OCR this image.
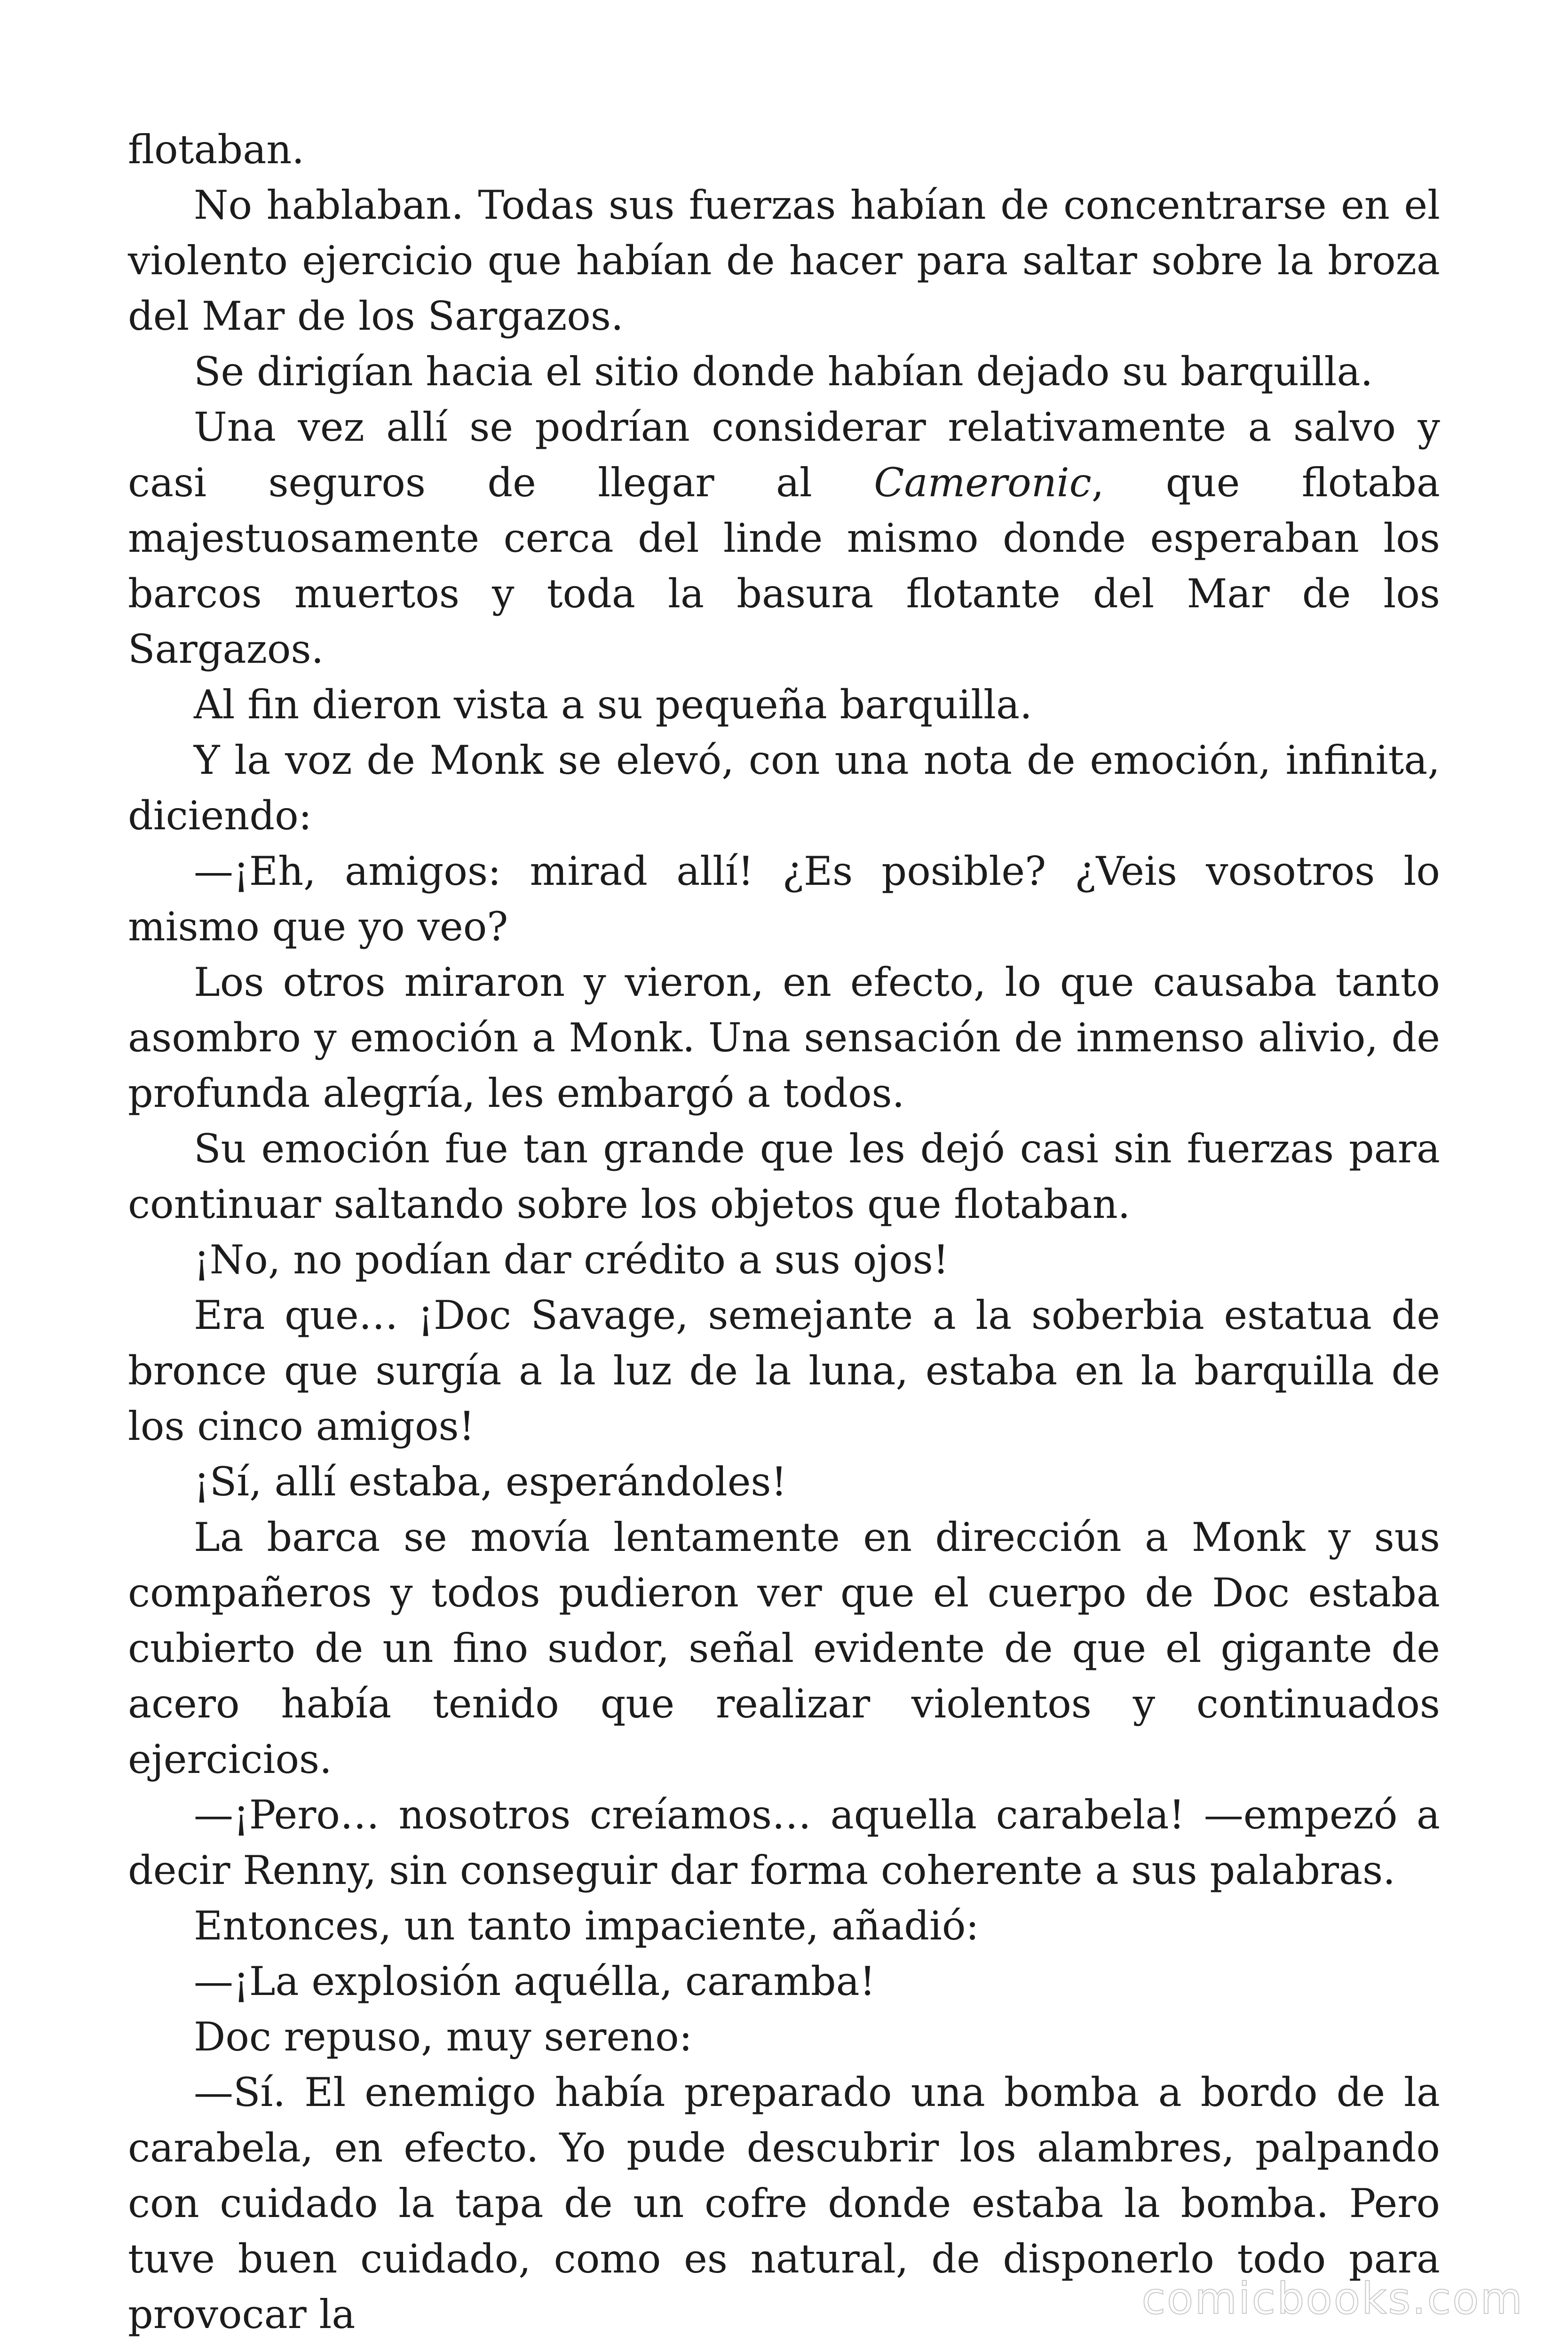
flotaban.

No hablaban. Todas sus fuerzas habían de concentrarse en el violento ejercicio que habían de hacer para saltar sobre la broza del Mar de los Sargazos.

Se dirigían hacia el sitio donde habían dejado su barquilla.

Una vez allí se podrían considerar relativamente a salvo y casi seguros de llegar al Cameronic, que flotaba majestuosamente cerca del linde mismo donde esperaban los barcos muertos y toda la basura flotante del Mar de los Sargazos.

Al fin dieron vista a su pequeña barquilla.

Y la voz de Monk se elevó, con una nota de emoción, infinita, diciendo:

—¡Eh, amigos: mirad allí! ¿Es posible? ¿Veis vosotros lo mismo que yo veo?

Los otros miraron y vieron, en efecto, lo que causaba tanto asombro y emoción a Monk. Una sensación de inmenso alivio, de profunda alegría, les embargó a todos.

Su emoción fue tan grande que les dejó casi sin fuerzas para continuar saltando sobre los objetos que flotaban.

¡No, no podían dar crédito a sus ojos!

Era que… ¡Doc Savage, semejante a la soberbia estatua de bronce que surgía a la luz de la luna, estaba en la barquilla de los cinco amigos!

¡Sí, allí estaba, esperándoles!

La barca se movía lentamente en dirección a Monk y sus compañeros y todos pudieron ver que el cuerpo de Doc estaba cubierto de un fino sudor, señal evidente de que el gigante de acero había tenido que realizar violentos y continuados ejercicios.

—¡Pero… nosotros creíamos… aquella carabela! —empezó a decir Renny, sin conseguir dar forma coherente a sus palabras.

Entonces, un tanto impaciente, añadió:

—¡La explosión aquélla, caramba!

Doc repuso, muy sereno:

—Sí. El enemigo había preparado una bomba a bordo de la carabela, en efecto. Yo pude descubrir los alambres, palpando con cuidado la tapa de un cofre donde estaba la bomba. Pero tuve buen cuidado, como es natural, de disponerlo todo para provocar la	comicbooks.com
